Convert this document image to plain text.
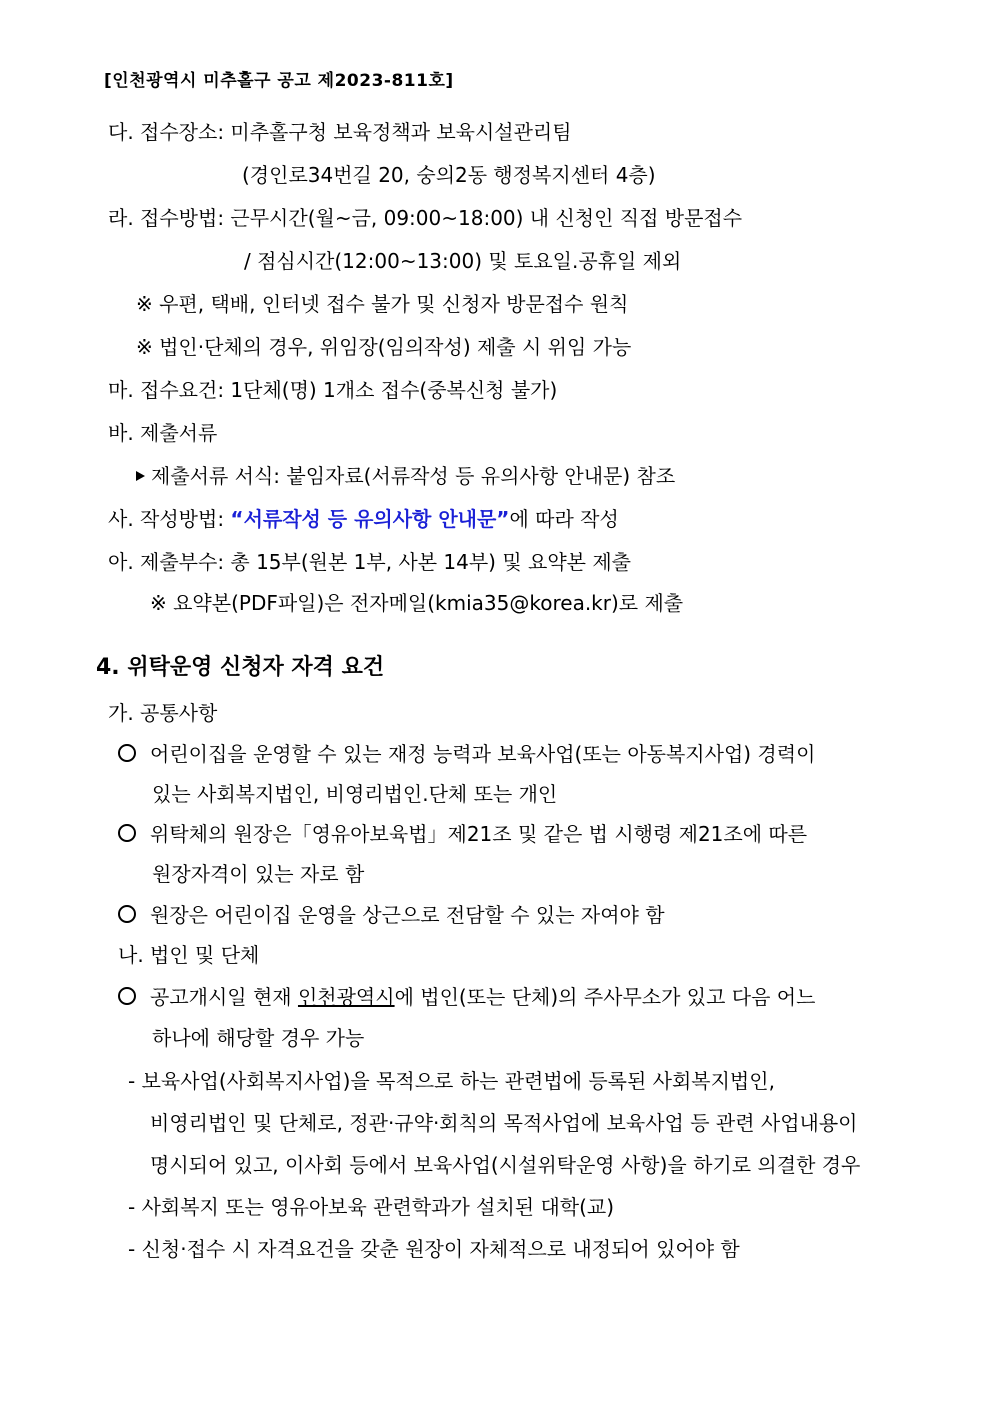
[인천광역시 미추홀구 공고 제2023-811호]
다. 접수장소: 미추홀구청 보육정책과 보육시설관리팀
(경인로34번길 20, 숭의2동 행정복지센터 4층)
라. 접수방법: 근무시간(월~금, 09:00~18:00) 내 신청인 직접 방문접수
/ 점심시간(12:00~13:00) 및 토요일.공휴일 제외
※ 우편, 택배, 인터넷 접수 불가 및 신청자 방문접수 원칙
※ 법인·단체의 경우, 위임장(임의작성) 제출 시 위임 가능
마. 접수요건: 1단체(명) 1개소 접수(중복신청 불가)
바. 제출서류
제출서류 서식: 붙임자료(서류작성 등 유의사항 안내문) 참조
사. 작성방법: “서류작성 등 유의사항 안내문”에 따라 작성
아. 제출부수: 총 15부(원본 1부, 사본 14부) 및 요약본 제출
※ 요약본(PDF파일)은 전자메일(kmia35@korea.kr)로 제출
4. 위탁운영 신청자 자격 요건
가. 공통사항
어린이집을 운영할 수 있는 재정 능력과 보육사업(또는 아동복지사업) 경력이
있는 사회복지법인, 비영리법인.단체 또는 개인
위탁체의 원장은「영유아보육법」제21조 및 같은 법 시행령 제21조에 따른
원장자격이 있는 자로 함
원장은 어린이집 운영을 상근으로 전담할 수 있는 자여야 함
나. 법인 및 단체
공고개시일 현재 인천광역시에 법인(또는 단체)의 주사무소가 있고 다음 어느
하나에 해당할 경우 가능
- 보육사업(사회복지사업)을 목적으로 하는 관련법에 등록된 사회복지법인,
비영리법인 및 단체로, 정관·규약·회칙의 목적사업에 보육사업 등 관련 사업내용이
명시되어 있고, 이사회 등에서 보육사업(시설위탁운영 사항)을 하기로 의결한 경우
- 사회복지 또는 영유아보육 관련학과가 설치된 대학(교)
- 신청·접수 시 자격요건을 갖춘 원장이 자체적으로 내정되어 있어야 함
